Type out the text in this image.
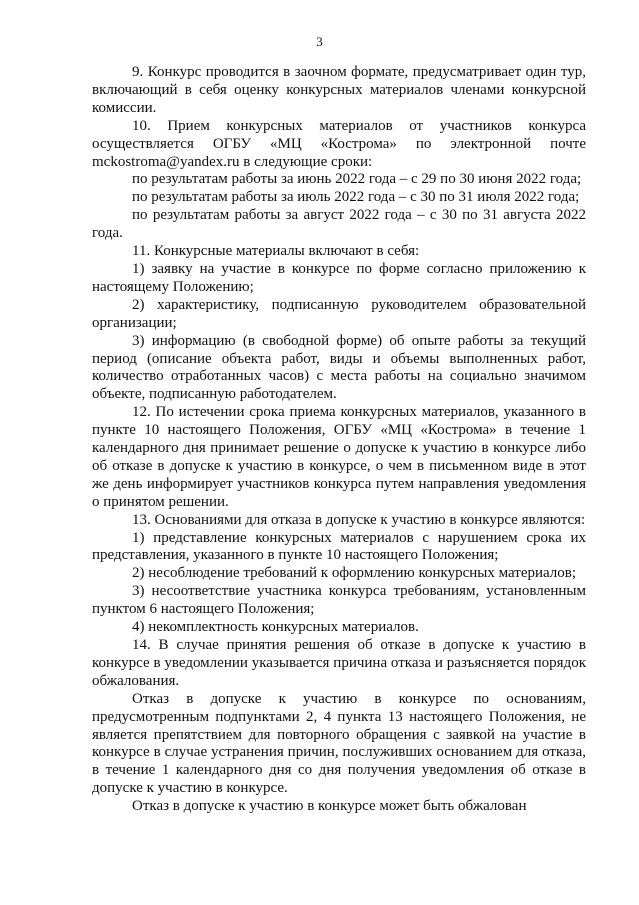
3

9. Конкурс проводится в заочном формате, предусматривает один тур, включающий в себя оценку конкурсных материалов членами конкурсной комиссии.

10. Прием конкурсных материалов от участников конкурса осуществляется ОГБУ «МЦ «Кострома» по электронной почте mckostroma@yandex.ru в следующие сроки:

по результатам работы за июнь 2022 года – с 29 по 30 июня 2022 года;

по результатам работы за июль 2022 года – с 30 по 31 июля 2022 года;

по результатам работы за август 2022 года – с 30 по 31 августа 2022 года.

11. Конкурсные материалы включают в себя:

1) заявку на участие в конкурсе по форме согласно приложению к настоящему Положению;

2) характеристику, подписанную руководителем образовательной организации;

3) информацию (в свободной форме) об опыте работы за текущий период (описание объекта работ, виды и объемы выполненных работ, количество отработанных часов) с места работы на социально значимом объекте, подписанную работодателем.

12. По истечении срока приема конкурсных материалов, указанного в пункте 10 настоящего Положения, ОГБУ «МЦ «Кострома» в течение 1 календарного дня принимает решение о допуске к участию в конкурсе либо об отказе в допуске к участию в конкурсе, о чем в письменном виде в этот же день информирует участников конкурса путем направления уведомления о принятом решении.

13. Основаниями для отказа в допуске к участию в конкурсе являются:

1) представление конкурсных материалов с нарушением срока их представления, указанного в пункте 10 настоящего Положения;

2) несоблюдение требований к оформлению конкурсных материалов;

3) несоответствие участника конкурса требованиям, установленным пунктом 6 настоящего Положения;

4) некомплектность конкурсных материалов.

14. В случае принятия решения об отказе в допуске к участию в конкурсе в уведомлении указывается причина отказа и разъясняется порядок обжалования.

Отказ в допуске к участию в конкурсе по основаниям, предусмотренным подпунктами 2, 4 пункта 13 настоящего Положения, не является препятствием для повторного обращения с заявкой на участие в конкурсе в случае устранения причин, послуживших основанием для отказа, в течение 1 календарного дня со дня получения уведомления об отказе в допуске к участию в конкурсе.

Отказ в допуске к участию в конкурсе может быть обжалован
